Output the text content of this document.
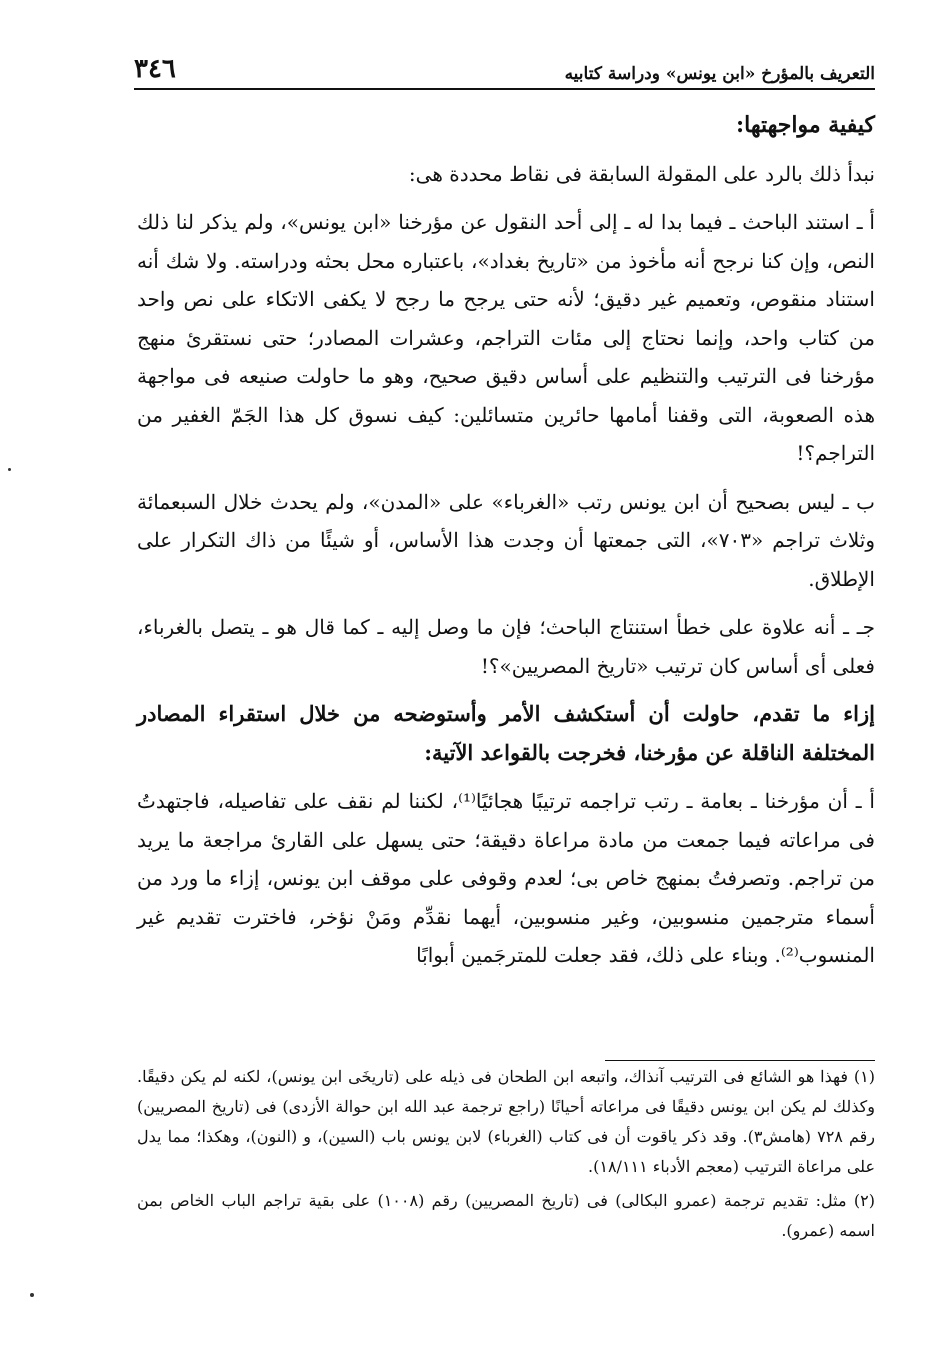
التعريف بالمؤرخ «ابن يونس» ودراسة كتابيه
٣٤٦

كيفية مواجهتها:

نبدأ ذلك بالرد على المقولة السابقة فى نقاط محددة هى:

أ ـ استند الباحث ـ فيما بدا له ـ إلى أحد النقول عن مؤرخنا «ابن يونس»، ولم يذكر لنا ذلك النص، وإن كنا نرجح أنه مأخوذ من «تاريخ بغداد»، باعتباره محل بحثه ودراسته. ولا شك أنه استناد منقوص، وتعميم غير دقيق؛ لأنه حتى يرجح ما رجح لا يكفى الاتكاء على نص واحد من كتاب واحد، وإنما نحتاج إلى مئات التراجم، وعشرات المصادر؛ حتى نستقرئ منهج مؤرخنا فى الترتيب والتنظيم على أساس دقيق صحيح، وهو ما حاولت صنيعه فى مواجهة هذه الصعوبة، التى وقفنا أمامها حائرين متسائلين: كيف نسوق كل هذا الجَمّ الغفير من التراجم؟!

ب ـ ليس بصحيح أن ابن يونس رتب «الغرباء» على «المدن»، ولم يحدث خلال السبعمائة وثلاث تراجم «٧٠٣»، التى جمعتها أن وجدت هذا الأساس، أو شيئًا من ذاك التكرار على الإطلاق.

جـ ـ أنه علاوة على خطأ استنتاج الباحث؛ فإن ما وصل إليه ـ كما قال هو ـ يتصل بالغرباء، فعلى أى أساس كان ترتيب «تاريخ المصريين»؟!

إزاء ما تقدم، حاولت أن أستكشف الأمر وأستوضحه من خلال استقراء المصادر المختلفة الناقلة عن مؤرخنا، فخرجت بالقواعد الآتية:

أ ـ أن مؤرخنا ـ بعامة ـ رتب تراجمه ترتيبًا هجائيًا⁽¹⁾، لكننا لم نقف على تفاصيله، فاجتهدتُ فى مراعاته فيما جمعت من مادة مراعاة دقيقة؛ حتى يسهل على القارئ مراجعة ما يريد من تراجم. وتصرفتُ بمنهج خاص بى؛ لعدم وقوفى على موقف ابن يونس، إزاء ما ورد من أسماء مترجمين منسوبين، وغير منسوبين، أيهما نقدِّم ومَنْ نؤخر، فاخترت تقديم غير المنسوب⁽²⁾. وبناء على ذلك، فقد جعلت للمترجَمين أبوابًا

(١) فهذا هو الشائع فى الترتيب آنذاك، واتبعه ابن الطحان فى ذيله على (تاريخَى ابن يونس)، لكنه لم يكن دقيقًا. وكذلك لم يكن ابن يونس دقيقًا فى مراعاته أحيانًا (راجع ترجمة عبد الله ابن حوالة الأزدى) فى (تاريخ المصريين) رقم ٧٢٨ (هامش٣). وقد ذكر ياقوت أن فى كتاب (الغرباء) لابن يونس باب (السين)، و (النون)، وهكذا؛ مما يدل على مراعاة الترتيب (معجم الأدباء ١٨/١١١).

(٢) مثل: تقديم ترجمة (عمرو البكالى) فى (تاريخ المصريين) رقم (١٠٠٨) على بقية تراجم الباب الخاص بمن اسمه (عمرو).
